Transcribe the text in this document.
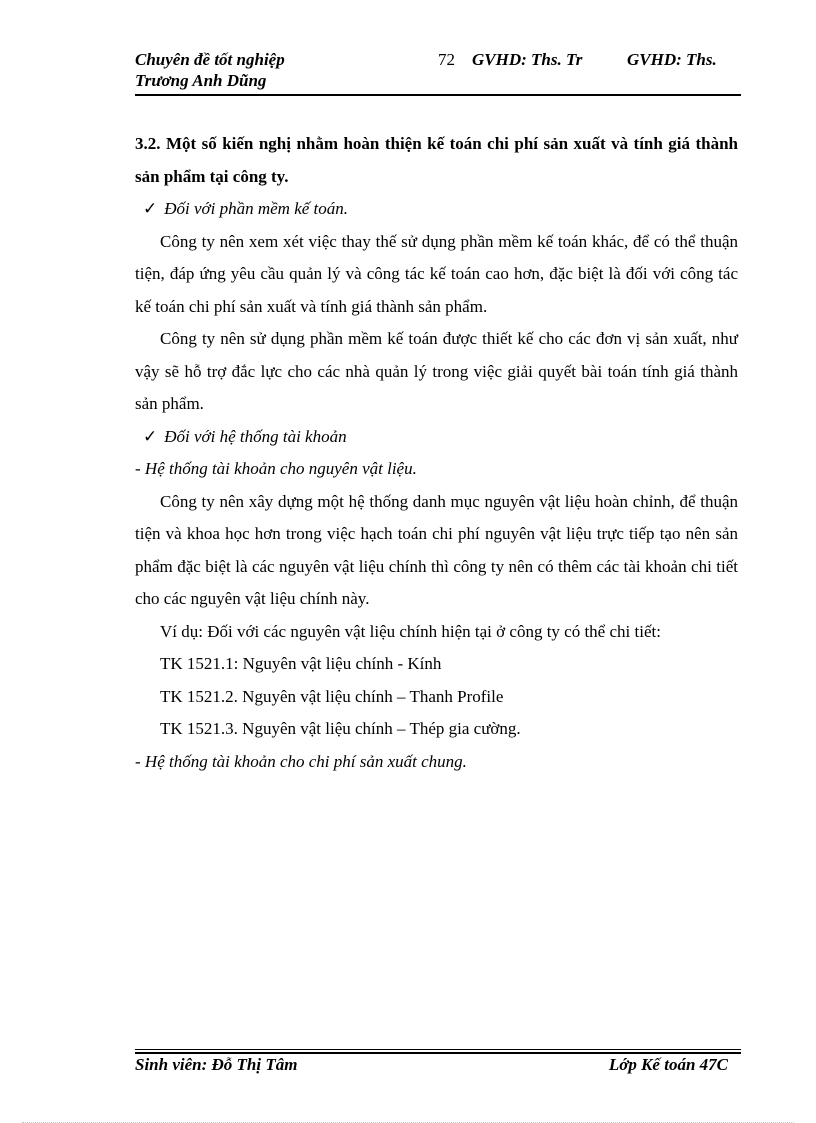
Chuyên đề tốt nghiệp
Trương Anh Dũng
72 GVHD: Ths. Tr	GVHD: Ths.

3.2. Một số kiến nghị nhằm hoàn thiện kế toán chi phí sản xuất và tính giá thành sản phẩm tại công ty.

✓ Đối với phần mềm kế toán.

Công ty nên xem xét việc thay thế sử dụng phần mềm kế toán khác, để có thể thuận tiện, đáp ứng yêu cầu quản lý và công tác kế toán cao hơn, đặc biệt là đối với công tác kế toán chi phí sản xuất và tính giá thành sản phẩm.

Công ty nên sử dụng phần mềm kế toán được thiết kế cho các đơn vị sản xuất, như vậy sẽ hỗ trợ đắc lực cho các nhà quản lý trong việc giải quyết bài toán tính giá thành sản phẩm.

✓ Đối với hệ thống tài khoản

- Hệ thống tài khoản cho nguyên vật liệu.

Công ty nên xây dựng một hệ thống danh mục nguyên vật liệu hoàn chỉnh, để thuận tiện và khoa học hơn trong việc hạch toán chi phí nguyên vật liệu trực tiếp tạo nên sản phẩm đặc biệt là các nguyên vật liệu chính thì công ty nên có thêm các tài khoản chi tiết cho các nguyên vật liệu chính này.

Ví dụ: Đối với các nguyên vật liệu chính hiện tại ở công ty có thể chi tiết:

TK 1521.1: Nguyên vật liệu chính - Kính

TK 1521.2. Nguyên vật liệu chính – Thanh Profile

TK 1521.3. Nguyên vật liệu chính – Thép gia cường.

- Hệ thống tài khoản cho chi phí sản xuất chung.

Sinh viên: Đỗ Thị Tâm	Lớp Kế toán 47C
